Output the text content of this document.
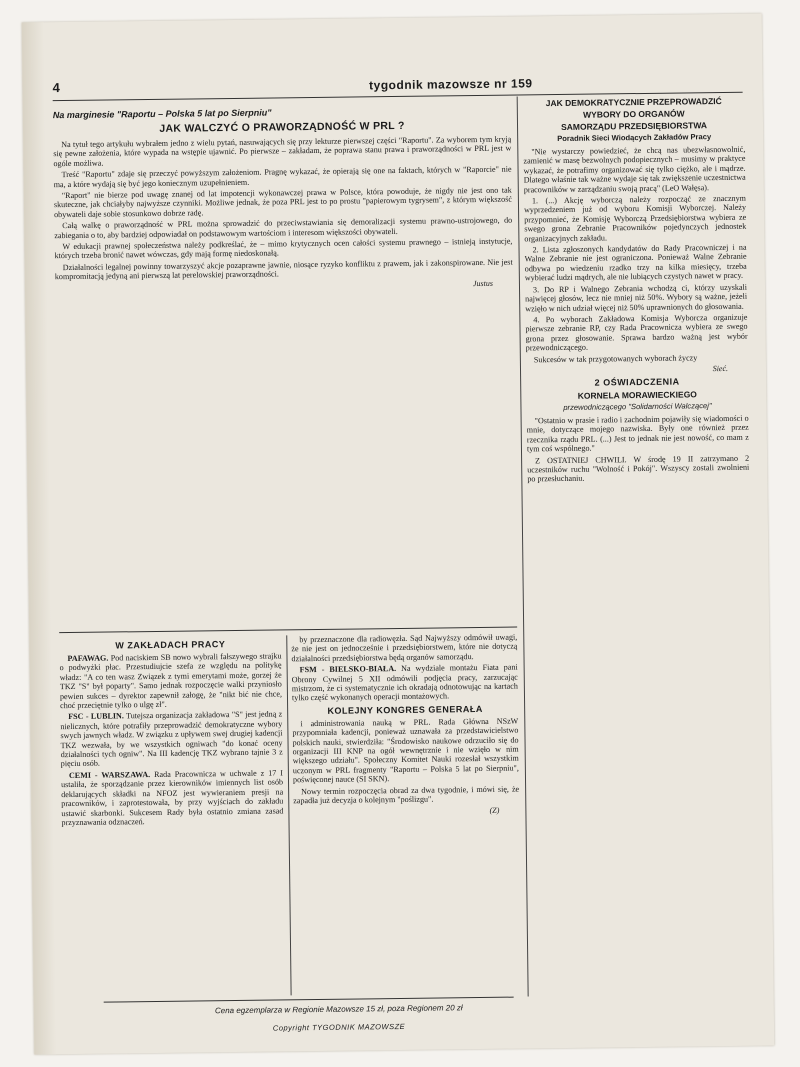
4	tygodnik mazowsze nr 159
Na marginesie "Raportu – Polska 5 lat po Sierpniu"
JAK WALCZYĆ O PRAWORZĄDNOŚĆ W PRL ?

Na tytuł tego artykułu wybrałem jedno z wielu pytań, nasuwających się przy lekturze pierwszej części "Raportu". Za wyborem tym kryją się pewne założenia, które wypada na wstępie ujawnić. Po pierwsze – zakładam, że poprawa stanu prawa i praworządności w PRL jest w ogóle możliwa.

Treść "Raportu" zdaje się przeczyć powyższym założeniom. Pragnę wykazać, że opierają się one na faktach, których w "Raporcie" nie ma, a które wydają się być jego koniecznym uzupełnieniem.

"Raport" nie bierze pod uwagę znanej od lat impotencji wykonawczej prawa w Polsce, która powoduje, że nigdy nie jest ono tak skuteczne, jak chciałyby najwyższe czynniki. Możliwe jednak, że poza PRL jest to po prostu "papierowym tygrysem", z którym większość obywateli daje sobie stosunkowo dobrze radę.

Całą walkę o praworządność w PRL można sprowadzić do przeciwstawiania się demoralizacji systemu prawno-ustrojowego, do zabiegania o to, aby bardziej odpowiadał on podstawowym wartościom i interesom większości obywateli.

W edukacji prawnej społeczeństwa należy podkreślać, że – mimo krytycznych ocen całości systemu prawnego – istnieją instytucje, których trzeba bronić nawet wówczas, gdy mają formę niedoskonałą.

Działalności legalnej powinny towarzyszyć akcje pozaprawne jawnie, niosące ryzyko konfliktu z prawem, jak i zakonspirowane. Nie jest kompromitacją jedyną ani pierwszą lat perelowskiej praworządności.

Justus
W ZAKŁADACH PRACY

PAFAWAG. Pod naciskiem SB nowo wybrali fałszywego strajku o podwyżki płac. Przestudiujcie szefa ze względu na politykę władz: "A co ten wasz Związek z tymi emerytami może, gorzej że TKZ "S" był poparty". Samo jednak rozpoczęcie walki przyniosło pewien sukces – dyrektor zapewnił załogę, że "nikt bić nie chce, choć przeciętnie tylko o ulgę zł".

FSC - LUBLIN. Tutejsza organizacja zakładowa "S" jest jedną z nielicznych, które potrafiły przeprowadzić demokratyczne wybory swych jawnych władz. W związku z upływem swej drugiej kadencji TKZ wezwała, by we wszystkich ogniwach "do konać oceny działalności tych ogniw". Na III kadencję TKZ wybrano tajnie 3 z pięciu osób.

CEMI - WARSZAWA. Rada Pracownicza w uchwale z 17 I ustaliła, że sporządzanie przez kierowników imiennych list osób deklarujących składki na NFOZ jest wywieraniem presji na pracowników, i zaprotestowała, by przy wyjściach do zakładu ustawić skarbonki. Sukcesem Rady była ostatnio zmiana zasad przyznawania odznaczeń.

by przeznaczone dla radiowęzła. Sąd Najwyższy odmówił uwagi, że nie jest on jednocześnie i przedsiębiorstwem, które nie dotyczą działalności przedsiębiorstwa będą organów samorządu.

FSM - BIELSKO-BIAŁA. Na wydziale montażu Fiata pani Obrony Cywilnej 5 XII odmówili podjęcia pracy, zarzucając mistrzom, że ci systematycznie ich okradają odnotowując na kartach tylko część wykonanych operacji montażowych.

KOLEJNY KONGRES GENERAŁA

i administrowania nauką w PRL. Rada Główna NSzW przypomniała kadencji, ponieważ uznawała za przedstawicielstwo polskich nauki, stwierdziła: "Środowisko naukowe odrzuciło się do organizacji III KNP na ogół wewnętrznie i nie wzięło w nim większego udziału". Społeczny Komitet Nauki rozesłał wszystkim uczonym w PRL fragmenty "Raportu – Polska 5 lat po Sierpniu", poświęconej nauce (SI SKN).

Nowy termin rozpoczęcia obrad za dwa tygodnie, i mówi się, że zapadła już decyzja o kolejnym "poślizgu".

(Z)
JAK DEMOKRATYCZNIE PRZEPROWADZIĆ
WYBORY DO ORGANÓW
SAMORZĄDU PRZEDSIĘBIORSTWA
Poradnik Sieci Wiodących Zakładów Pracy

"Nie wystarczy powiedzieć, że chcą nas ubezwłasnowolnić, zamienić w masę bezwolnych podopiecznych – musimy w praktyce wykazać, że potrafimy organizować się tylko ciężko, ale i mądrze. Dlatego właśnie tak ważne wydaje się tak zwiększenie uczestnictwa pracowników w zarządzaniu swoją pracą" (LeO Wałęsa).

1. (...) Akcję wyborczą należy rozpocząć ze znacznym wyprzedzeniem już od wyboru Komisji Wyborczej. Należy przypomnieć, że Komisję Wyborczą Przedsiębiorstwa wybiera ze swego grona Zebranie Pracowników pojedynczych jednostek organizacyjnych zakładu.

2. Lista zgłoszonych kandydatów do Rady Pracowniczej i na Walne Zebranie nie jest ograniczona. Ponieważ Walne Zebranie odbywa po wiedzeniu rzadko trzy na kilka miesięcy, trzeba wybierać ludzi mądrych, ale nie lubiących czystych nawet w pracy.

3. Do RP i Walnego Zebrania wchodzą ci, którzy uzyskali najwięcej głosów, lecz nie mniej niż 50%. Wybory są ważne, jeżeli wzięło w nich udział więcej niż 50% uprawnionych do głosowania.

4. Po wyborach Zakładowa Komisja Wyborcza organizuje pierwsze zebranie RP, czy Rada Pracownicza wybiera ze swego grona przez głosowanie. Sprawa bardzo ważną jest wybór przewodniczącego.

Sukcesów w tak przygotowanych wyborach życzy

Sieć.
2 OŚWIADCZENIA
KORNELA MORAWIECKIEGO
przewodniczącego "Solidarności Walczącej"

"Ostatnio w prasie i radio i zachodnim pojawiły się wiadomości o mnie, dotyczące mojego nazwiska. Były one również przez rzecznika rządu PRL. (...) Jest to jednak nie jest nowość, co mam z tym coś wspólnego."

Z OSTATNIEJ CHWILI. W środę 19 II zatrzymano 2 uczestników ruchu "Wolność i Pokój". Wszyscy zostali zwolnieni po przesłuchaniu.

Cena egzemplarza w Regionie Mazowsze 15 zł, poza Regionem 20 zł
Copyright TYGODNIK MAZOWSZE
